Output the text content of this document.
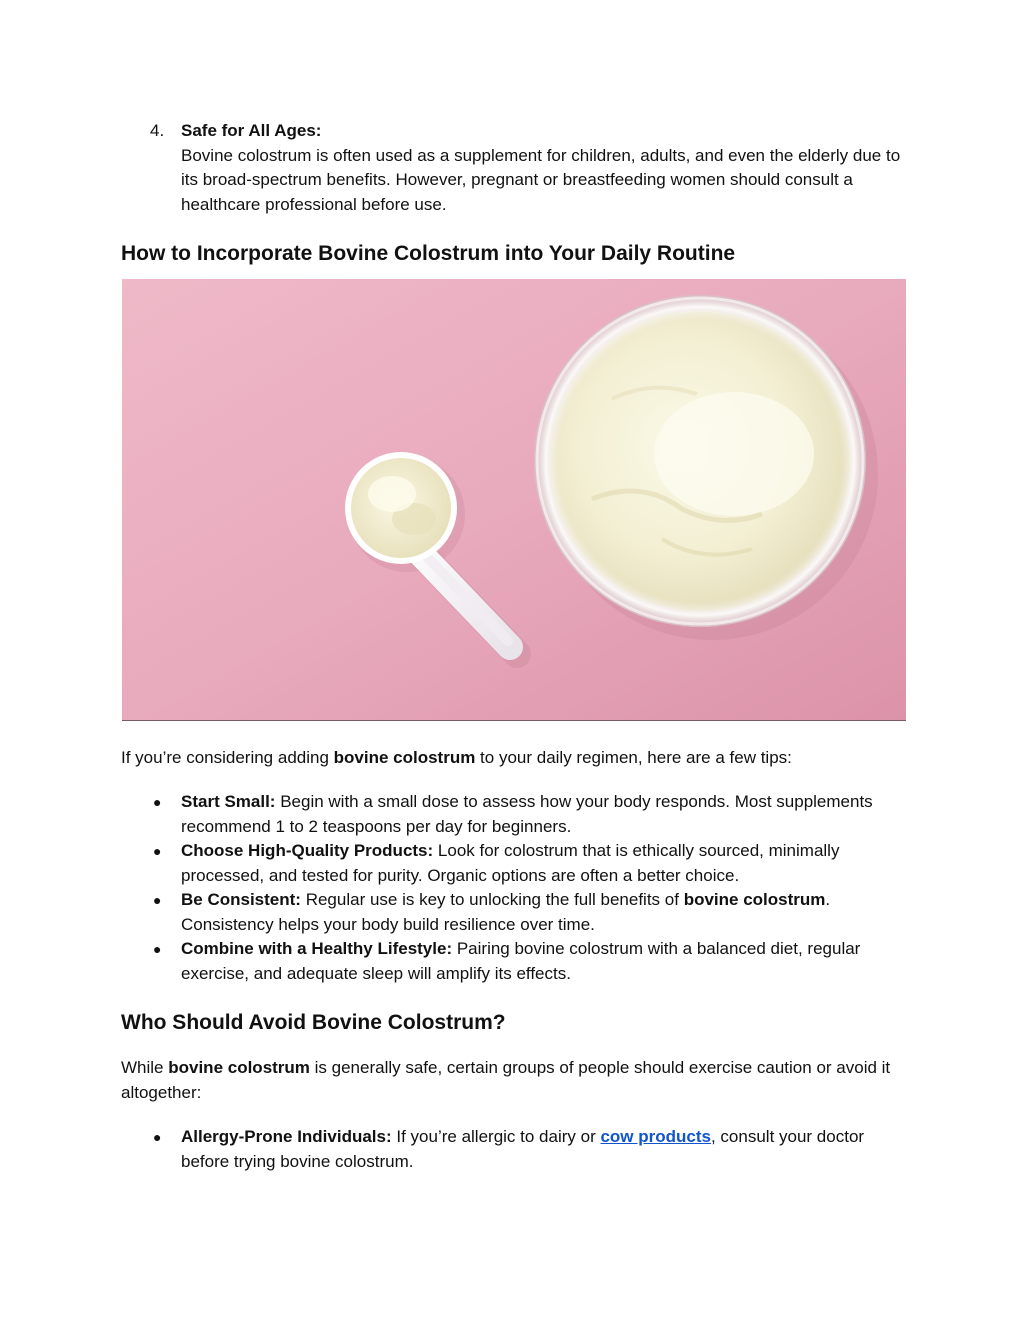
4. Safe for All Ages:
Bovine colostrum is often used as a supplement for children, adults, and even the elderly due to its broad-spectrum benefits. However, pregnant or breastfeeding women should consult a healthcare professional before use.
How to Incorporate Bovine Colostrum into Your Daily Routine

If you’re considering adding bovine colostrum to your daily regimen, here are a few tips:

● Start Small: Begin with a small dose to assess how your body responds. Most supplements recommend 1 to 2 teaspoons per day for beginners.
● Choose High-Quality Products: Look for colostrum that is ethically sourced, minimally processed, and tested for purity. Organic options are often a better choice.
● Be Consistent: Regular use is key to unlocking the full benefits of bovine colostrum. Consistency helps your body build resilience over time.
● Combine with a Healthy Lifestyle: Pairing bovine colostrum with a balanced diet, regular exercise, and adequate sleep will amplify its effects.
Who Should Avoid Bovine Colostrum?

While bovine colostrum is generally safe, certain groups of people should exercise caution or avoid it altogether:

● Allergy-Prone Individuals: If you’re allergic to dairy or cow products, consult your doctor before trying bovine colostrum.
